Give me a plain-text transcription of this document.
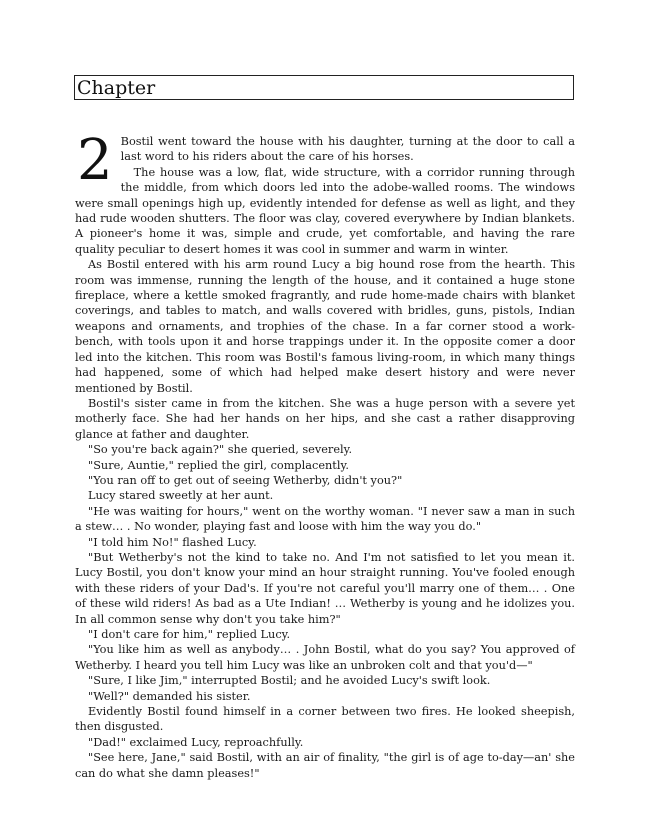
Chapter

2 Bostil went toward the house with his daughter, turning at the door to call a last word to his riders about the care of his horses.

The house was a low, flat, wide structure, with a corridor running through the middle, from which doors led into the adobe-walled rooms. The windows were small openings high up, evidently intended for defense as well as light, and they had rude wooden shutters. The floor was clay, covered everywhere by Indian blankets. A pioneer's home it was, simple and crude, yet comfortable, and having the rare quality peculiar to desert homes it was cool in summer and warm in winter.

As Bostil entered with his arm round Lucy a big hound rose from the hearth. This room was immense, running the length of the house, and it contained a huge stone fireplace, where a kettle smoked fragrantly, and rude home-made chairs with blanket coverings, and tables to match, and walls covered with bridles, guns, pistols, Indian weapons and ornaments, and trophies of the chase. In a far corner stood a work-bench, with tools upon it and horse trappings under it. In the opposite comer a door led into the kitchen. This room was Bostil's famous living-room, in which many things had happened, some of which had helped make desert history and were never mentioned by Bostil.

Bostil's sister came in from the kitchen. She was a huge person with a severe yet motherly face. She had her hands on her hips, and she cast a rather disapproving glance at father and daughter.

"So you're back again?" she queried, severely.

"Sure, Auntie," replied the girl, complacently.

"You ran off to get out of seeing Wetherby, didn't you?"

Lucy stared sweetly at her aunt.

"He was waiting for hours," went on the worthy woman. "I never saw a man in such a stew… . No wonder, playing fast and loose with him the way you do."

"I told him No!" flashed Lucy.

"But Wetherby's not the kind to take no. And I'm not satisfied to let you mean it. Lucy Bostil, you don't know your mind an hour straight running. You've fooled enough with these riders of your Dad's. If you're not careful you'll marry one of them… . One of these wild riders! As bad as a Ute Indian! … Wetherby is young and he idolizes you. In all common sense why don't you take him?"

"I don't care for him," replied Lucy.

"You like him as well as anybody… . John Bostil, what do you say? You approved of Wetherby. I heard you tell him Lucy was like an unbroken colt and that you'd—"

"Sure, I like Jim," interrupted Bostil; and he avoided Lucy's swift look.

"Well?" demanded his sister.

Evidently Bostil found himself in a corner between two fires. He looked sheepish, then disgusted.

"Dad!" exclaimed Lucy, reproachfully.

"See here, Jane," said Bostil, with an air of finality, "the girl is of age to-day—an' she can do what she damn pleases!"
